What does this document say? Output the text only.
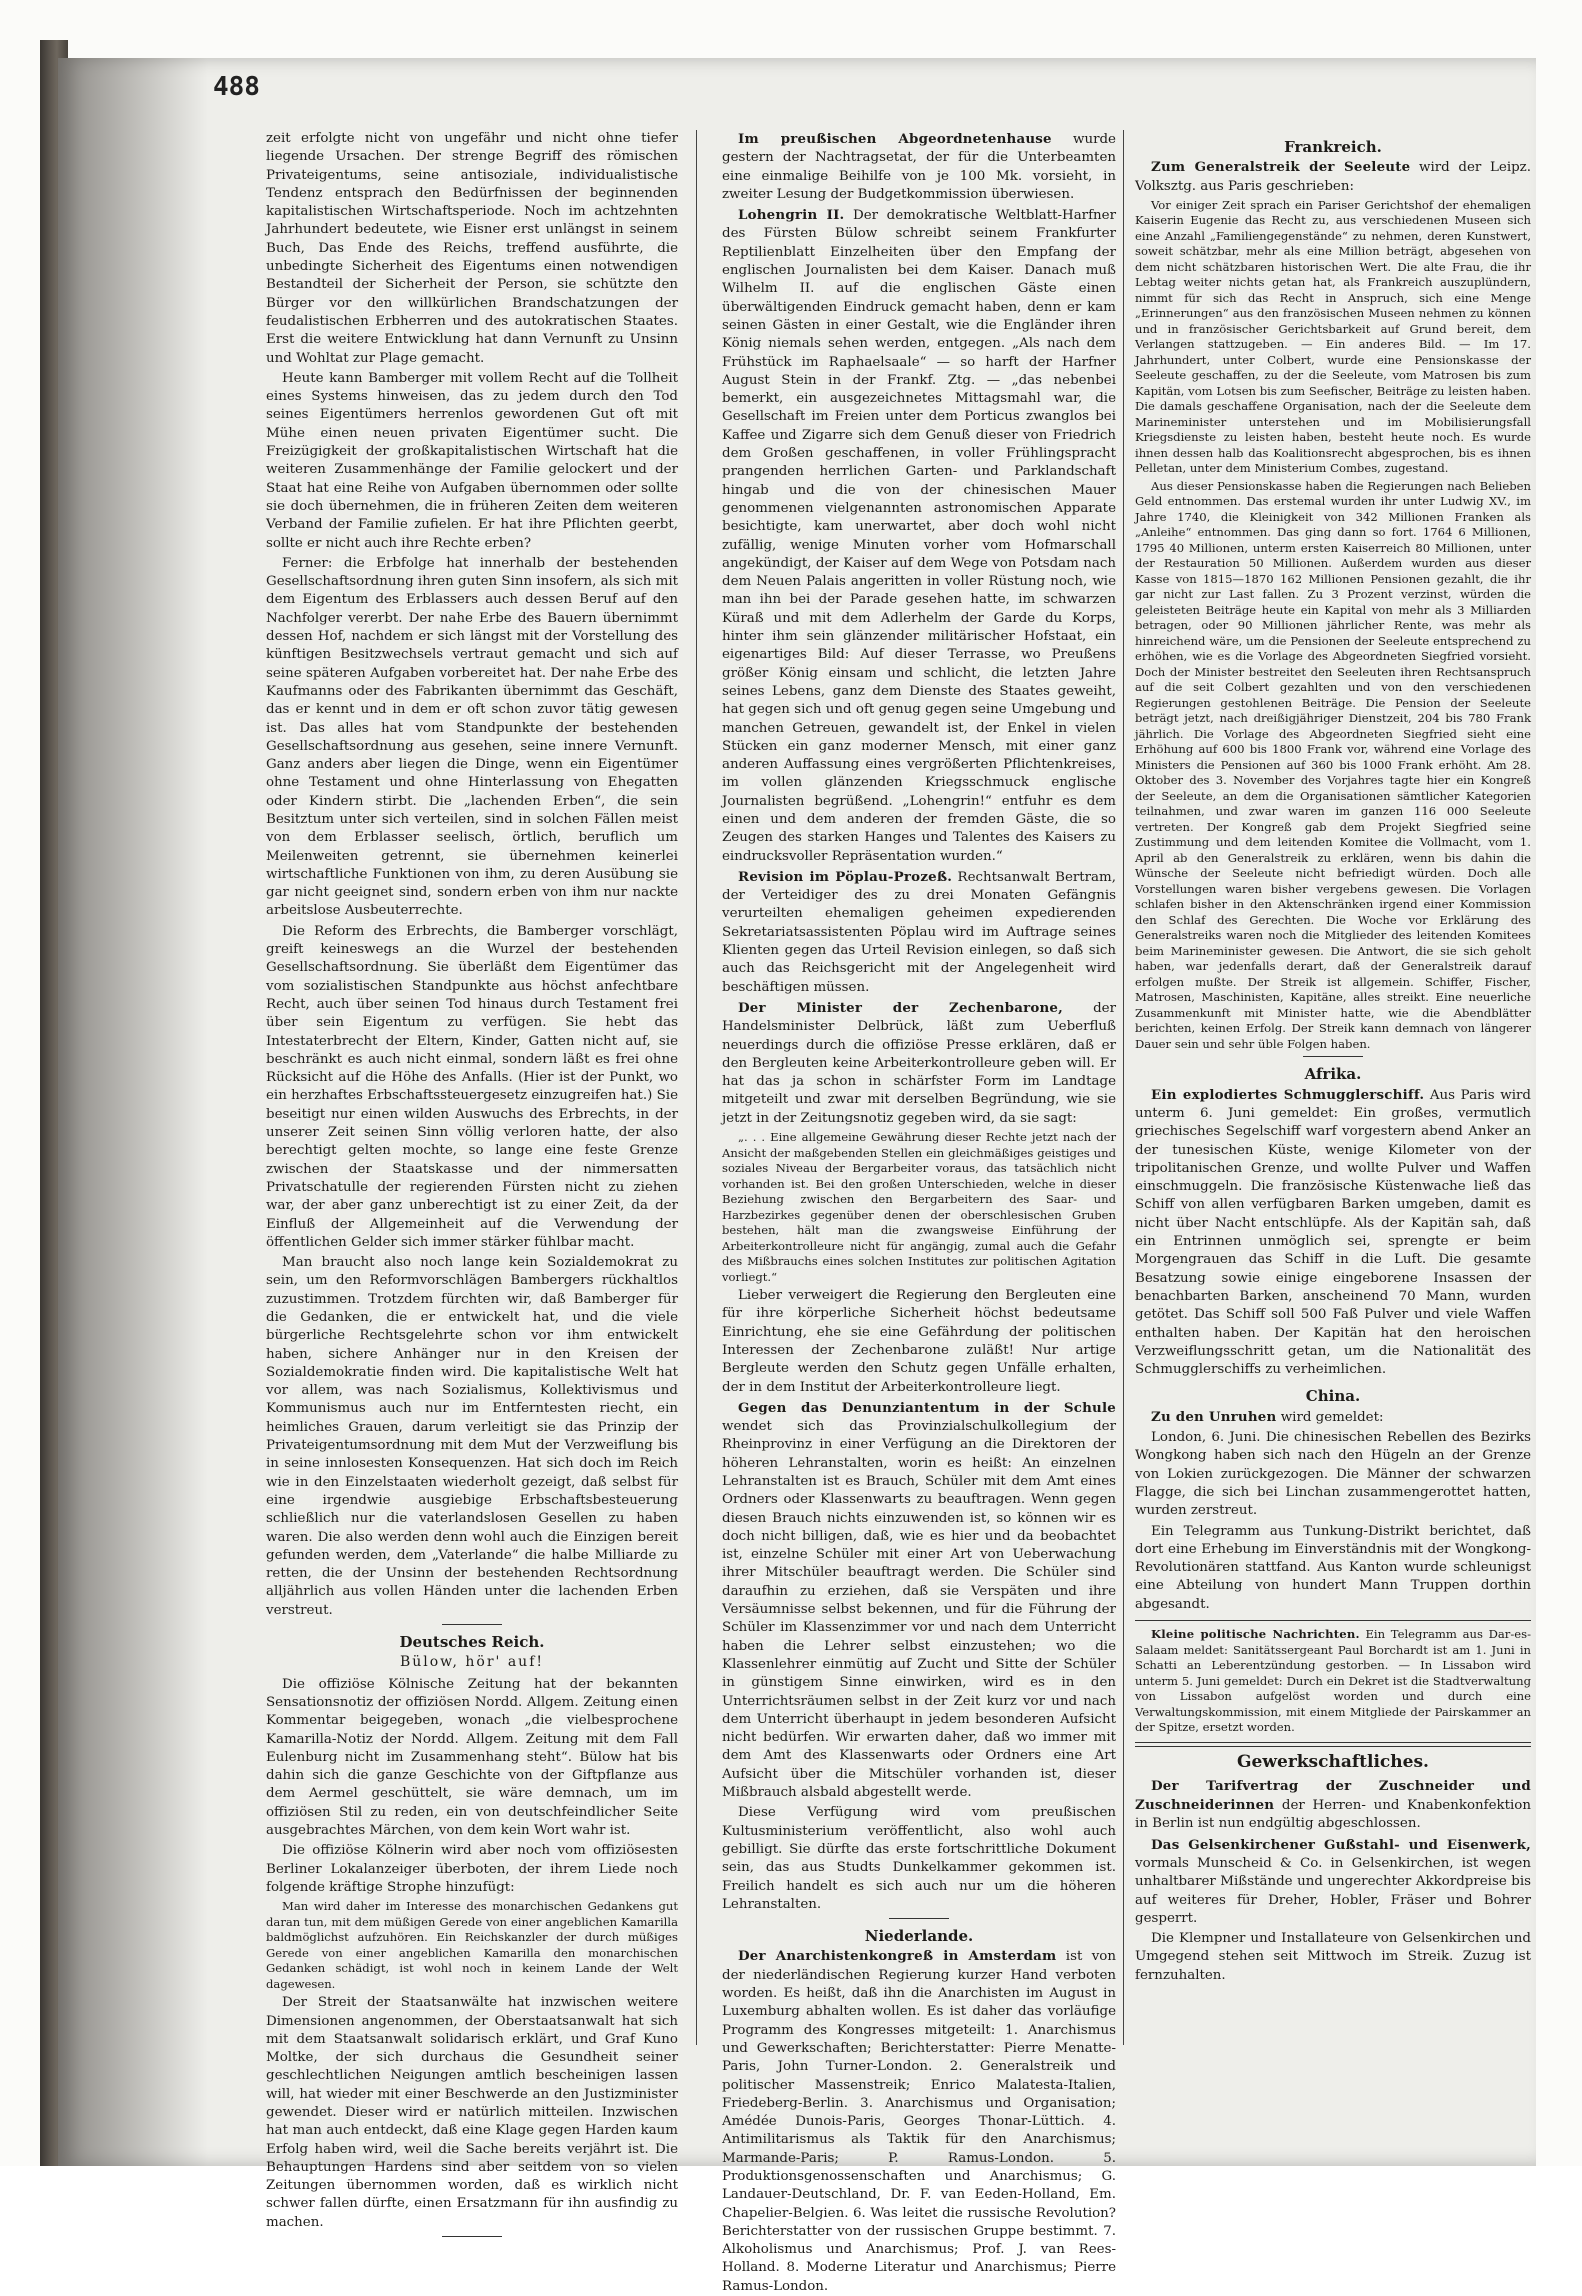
488

zeit erfolgte nicht von ungefähr und nicht ohne tiefer liegende Ursachen. Der strenge Begriff des römischen Privateigentums, seine antisoziale, individualistische Tendenz entsprach den Bedürfnissen der beginnenden kapitalistischen Wirtschaftsperiode. Noch im achtzehnten Jahrhundert bedeutete, wie Eisner erst unlängst in seinem Buch, Das Ende des Reichs, treffend ausführte, die unbedingte Sicherheit des Eigentums einen notwendigen Bestandteil der Sicherheit der Person, sie schützte den Bürger vor den willkürlichen Brandschatzungen der feudalistischen Erbherren und des autokratischen Staates. Erst die weitere Entwicklung hat dann Vernunft zu Unsinn und Wohltat zur Plage gemacht.

Heute kann Bamberger mit vollem Recht auf die Tollheit eines Systems hinweisen, das zu jedem durch den Tod seines Eigentümers herrenlos gewordenen Gut oft mit Mühe einen neuen privaten Eigentümer sucht. Die Freizügigkeit der großkapitalistischen Wirtschaft hat die weiteren Zusammenhänge der Familie gelockert und der Staat hat eine Reihe von Aufgaben übernommen oder sollte sie doch übernehmen, die in früheren Zeiten dem weiteren Verband der Familie zufielen. Er hat ihre Pflichten geerbt, sollte er nicht auch ihre Rechte erben?

Ferner: die Erbfolge hat innerhalb der bestehenden Gesellschaftsordnung ihren guten Sinn insofern, als sich mit dem Eigentum des Erblassers auch dessen Beruf auf den Nachfolger vererbt. Der nahe Erbe des Bauern übernimmt dessen Hof, nachdem er sich längst mit der Vorstellung des künftigen Besitzwechsels vertraut gemacht und sich auf seine späteren Aufgaben vorbereitet hat. Der nahe Erbe des Kaufmanns oder des Fabrikanten übernimmt das Geschäft, das er kennt und in dem er oft schon zuvor tätig gewesen ist. Das alles hat vom Standpunkte der bestehenden Gesellschaftsordnung aus gesehen, seine innere Vernunft. Ganz anders aber liegen die Dinge, wenn ein Eigentümer ohne Testament und ohne Hinterlassung von Ehegatten oder Kindern stirbt. Die „lachenden Erben“, die sein Besitztum unter sich verteilen, sind in solchen Fällen meist von dem Erblasser seelisch, örtlich, beruflich um Meilenweiten getrennt, sie übernehmen keinerlei wirtschaftliche Funktionen von ihm, zu deren Ausübung sie gar nicht geeignet sind, sondern erben von ihm nur nackte arbeitslose Ausbeuterrechte.

Die Reform des Erbrechts, die Bamberger vorschlägt, greift keineswegs an die Wurzel der bestehenden Gesellschaftsordnung. Sie überläßt dem Eigentümer das vom sozialistischen Standpunkte aus höchst anfechtbare Recht, auch über seinen Tod hinaus durch Testament frei über sein Eigentum zu verfügen. Sie hebt das Intestaterbrecht der Eltern, Kinder, Gatten nicht auf, sie beschränkt es auch nicht einmal, sondern läßt es frei ohne Rücksicht auf die Höhe des Anfalls. (Hier ist der Punkt, wo ein herzhaftes Erbschaftssteuergesetz einzugreifen hat.) Sie beseitigt nur einen wilden Auswuchs des Erbrechts, in der unserer Zeit seinen Sinn völlig verloren hatte, der also berechtigt gelten mochte, so lange eine feste Grenze zwischen der Staatskasse und der nimmersatten Privatschatulle der regierenden Fürsten nicht zu ziehen war, der aber ganz unberechtigt ist zu einer Zeit, da der Einfluß der Allgemeinheit auf die Verwendung der öffentlichen Gelder sich immer stärker fühlbar macht.

Man braucht also noch lange kein Sozialdemokrat zu sein, um den Reformvorschlägen Bambergers rückhaltlos zuzustimmen. Trotzdem fürchten wir, daß Bamberger für die Gedanken, die er entwickelt hat, und die viele bürgerliche Rechtsgelehrte schon vor ihm entwickelt haben, sichere Anhänger nur in den Kreisen der Sozialdemokratie finden wird. Die kapitalistische Welt hat vor allem, was nach Sozialismus, Kollektivismus und Kommunismus auch nur im Entferntesten riecht, ein heimliches Grauen, darum verleitigt sie das Prinzip der Privateigentumsordnung mit dem Mut der Verzweiflung bis in seine innlosesten Konsequenzen. Hat sich doch im Reich wie in den Einzelstaaten wiederholt gezeigt, daß selbst für eine irgendwie ausgiebige Erbschaftsbesteuerung schließlich nur die vaterlandslosen Gesellen zu haben waren. Die also werden denn wohl auch die Einzigen bereit gefunden werden, dem „Vaterlande“ die halbe Milliarde zu retten, die der Unsinn der bestehenden Rechtsordnung alljährlich aus vollen Händen unter die lachenden Erben verstreut.

Deutsches Reich.
Bülow, hör' auf!

Die offiziöse Kölnische Zeitung hat der bekannten Sensationsnotiz der offiziösen Nordd. Allgem. Zeitung einen Kommentar beigegeben, wonach „die vielbesprochene Kamarilla-Notiz der Nordd. Allgem. Zeitung mit dem Fall Eulenburg nicht im Zusammenhang steht“. Bülow hat bis dahin sich die ganze Geschichte von der Giftpflanze aus dem Aermel geschüttelt, sie wäre demnach, um im offiziösen Stil zu reden, ein von deutschfeindlicher Seite ausgebrachtes Märchen, von dem kein Wort wahr ist.

Die offiziöse Kölnerin wird aber noch vom offiziösesten Berliner Lokalanzeiger überboten, der ihrem Liede noch folgende kräftige Strophe hinzufügt:

Man wird daher im Interesse des monarchischen Gedankens gut daran tun, mit dem müßigen Gerede von einer angeblichen Kamarilla baldmöglichst aufzuhören. Ein Reichskanzler der durch müßiges Gerede von einer angeblichen Kamarilla den monarchischen Gedanken schädigt, ist wohl noch in keinem Lande der Welt dagewesen.

Der Streit der Staatsanwälte hat inzwischen weitere Dimensionen angenommen, der Oberstaatsanwalt hat sich mit dem Staatsanwalt solidarisch erklärt, und Graf Kuno Moltke, der sich durchaus die Gesundheit seiner geschlechtlichen Neigungen amtlich bescheinigen lassen will, hat wieder mit einer Beschwerde an den Justizminister gewendet. Dieser wird er natürlich mitteilen. Inzwischen hat man auch entdeckt, daß eine Klage gegen Harden kaum Erfolg haben wird, weil die Sache bereits verjährt ist. Die Behauptungen Hardens sind aber seitdem von so vielen Zeitungen übernommen worden, daß es wirklich nicht schwer fallen dürfte, einen Ersatzmann für ihn ausfindig zu machen.

Im preußischen Abgeordnetenhause wurde gestern der Nachtragsetat, der für die Unterbeamten eine einmalige Beihilfe von je 100 Mk. vorsieht, in zweiter Lesung der Budgetkommission überwiesen.

Lohengrin II. Der demokratische Weltblatt-Harfner des Fürsten Bülow schreibt seinem Frankfurter Reptilienblatt Einzelheiten über den Empfang der englischen Journalisten bei dem Kaiser. Danach muß Wilhelm II. auf die englischen Gäste einen überwältigenden Eindruck gemacht haben, denn er kam seinen Gästen in einer Gestalt, wie die Engländer ihren König niemals sehen werden, entgegen. „Als nach dem Frühstück im Raphaelsaale“ — so harft der Harfner August Stein in der Frankf. Ztg. — „das nebenbei bemerkt, ein ausgezeichnetes Mittagsmahl war, die Gesellschaft im Freien unter dem Porticus zwanglos bei Kaffee und Zigarre sich dem Genuß dieser von Friedrich dem Großen geschaffenen, in voller Frühlingspracht prangenden herrlichen Garten- und Parklandschaft hingab und die von der chinesischen Mauer genommenen vielgenannten astronomischen Apparate besichtigte, kam unerwartet, aber doch wohl nicht zufällig, wenige Minuten vorher vom Hofmarschall angekündigt, der Kaiser auf dem Wege von Potsdam nach dem Neuen Palais angeritten in voller Rüstung noch, wie man ihn bei der Parade gesehen hatte, im schwarzen Küraß und mit dem Adlerhelm der Garde du Korps, hinter ihm sein glänzender militärischer Hofstaat, ein eigenartiges Bild: Auf dieser Terrasse, wo Preußens größer König einsam und schlicht, die letzten Jahre seines Lebens, ganz dem Dienste des Staates geweiht, hat gegen sich und oft genug gegen seine Umgebung und manchen Getreuen, gewandelt ist, der Enkel in vielen Stücken ein ganz moderner Mensch, mit einer ganz anderen Auffassung eines vergrößerten Pflichtenkreises, im vollen glänzenden Kriegsschmuck englische Journalisten begrüßend. „Lohengrin!“ entfuhr es dem einen und dem anderen der fremden Gäste, die so Zeugen des starken Hanges und Talentes des Kaisers zu eindrucksvoller Repräsentation wurden.“

Revision im Pöplau-Prozeß. Rechtsanwalt Bertram, der Verteidiger des zu drei Monaten Gefängnis verurteilten ehemaligen geheimen expedierenden Sekretariatsassistenten Pöplau wird im Auftrage seines Klienten gegen das Urteil Revision einlegen, so daß sich auch das Reichsgericht mit der Angelegenheit wird beschäftigen müssen.

Der Minister der Zechenbarone, der Handelsminister Delbrück, läßt zum Ueberfluß neuerdings durch die offiziöse Presse erklären, daß er den Bergleuten keine Arbeiterkontrolleure geben will. Er hat das ja schon in schärfster Form im Landtage mitgeteilt und zwar mit derselben Begründung, wie sie jetzt in der Zeitungsnotiz gegeben wird, da sie sagt:

„. . . Eine allgemeine Gewährung dieser Rechte jetzt nach der Ansicht der maßgebenden Stellen ein gleichmäßiges geistiges und soziales Niveau der Bergarbeiter voraus, das tatsächlich nicht vorhanden ist. Bei den großen Unterschieden, welche in dieser Beziehung zwischen den Bergarbeitern des Saar- und Harzbezirkes gegenüber denen der oberschlesischen Gruben bestehen, hält man die zwangsweise Einführung der Arbeiterkontrolleure nicht für angängig, zumal auch die Gefahr des Mißbrauchs eines solchen Institutes zur politischen Agitation vorliegt.“

Lieber verweigert die Regierung den Bergleuten eine für ihre körperliche Sicherheit höchst bedeutsame Einrichtung, ehe sie eine Gefährdung der politischen Interessen der Zechenbarone zuläßt! Nur artige Bergleute werden den Schutz gegen Unfälle erhalten, der in dem Institut der Arbeiterkontrolleure liegt.

Gegen das Denunziantentum in der Schule wendet sich das Provinzialschulkollegium der Rheinprovinz in einer Verfügung an die Direktoren der höheren Lehranstalten, worin es heißt: An einzelnen Lehranstalten ist es Brauch, Schüler mit dem Amt eines Ordners oder Klassenwarts zu beauftragen. Wenn gegen diesen Brauch nichts einzuwenden ist, so können wir es doch nicht billigen, daß, wie es hier und da beobachtet ist, einzelne Schüler mit einer Art von Ueberwachung ihrer Mitschüler beauftragt werden. Die Schüler sind daraufhin zu erziehen, daß sie Verspäten und ihre Versäumnisse selbst bekennen, und für die Führung der Schüler im Klassenzimmer vor und nach dem Unterricht haben die Lehrer selbst einzustehen; wo die Klassenlehrer einmütig auf Zucht und Sitte der Schüler in günstigem Sinne einwirken, wird es in den Unterrichtsräumen selbst in der Zeit kurz vor und nach dem Unterricht überhaupt in jedem besonderen Aufsicht nicht bedürfen. Wir erwarten daher, daß wo immer mit dem Amt des Klassenwarts oder Ordners eine Art Aufsicht über die Mitschüler vorhanden ist, dieser Mißbrauch alsbald abgestellt werde.

Diese Verfügung wird vom preußischen Kultusministerium veröffentlicht, also wohl auch gebilligt. Sie dürfte das erste fortschrittliche Dokument sein, das aus Studts Dunkelkammer gekommen ist. Freilich handelt es sich auch nur um die höheren Lehranstalten.

Niederlande.

Der Anarchistenkongreß in Amsterdam ist von der niederländischen Regierung kurzer Hand verboten worden. Es heißt, daß ihn die Anarchisten im August in Luxemburg abhalten wollen. Es ist daher das vorläufige Programm des Kongresses mitgeteilt: 1. Anarchismus und Gewerkschaften; Berichterstatter: Pierre Menatte-Paris, John Turner-London. 2. Generalstreik und politischer Massenstreik; Enrico Malatesta-Italien, Friedeberg-Berlin. 3. Anarchismus und Organisation; Amédée Dunois-Paris, Georges Thonar-Lüttich. 4. Antimilitarismus als Taktik für den Anarchismus; Marmande-Paris; P. Ramus-London. 5. Produktionsgenossenschaften und Anarchismus; G. Landauer-Deutschland, Dr. F. van Eeden-Holland, Em. Chapelier-Belgien. 6. Was leitet die russische Revolution? Berichterstatter von der russischen Gruppe bestimmt. 7. Alkoholismus und Anarchismus; Prof. J. van Rees-Holland. 8. Moderne Literatur und Anarchismus; Pierre Ramus-London.

Frankreich.

Zum Generalstreik der Seeleute wird der Leipz. Volksztg. aus Paris geschrieben:

Vor einiger Zeit sprach ein Pariser Gerichtshof der ehemaligen Kaiserin Eugenie das Recht zu, aus verschiedenen Museen sich eine Anzahl „Familiengegenstände“ zu nehmen, deren Kunstwert, soweit schätzbar, mehr als eine Million beträgt, abgesehen von dem nicht schätzbaren historischen Wert. Die alte Frau, die ihr Lebtag weiter nichts getan hat, als Frankreich auszuplündern, nimmt für sich das Recht in Anspruch, sich eine Menge „Erinnerungen“ aus den französischen Museen nehmen zu können und in französischer Gerichtsbarkeit auf Grund bereit, dem Verlangen stattzugeben. — Ein anderes Bild. — Im 17. Jahrhundert, unter Colbert, wurde eine Pensionskasse der Seeleute geschaffen, zu der die Seeleute, vom Matrosen bis zum Kapitän, vom Lotsen bis zum Seefischer, Beiträge zu leisten haben. Die damals geschaffene Organisation, nach der die Seeleute dem Marineminister unterstehen und im Mobilisierungsfall Kriegsdienste zu leisten haben, besteht heute noch. Es wurde ihnen dessen halb das Koalitionsrecht abgesprochen, bis es ihnen Pelletan, unter dem Ministerium Combes, zugestand.

Aus dieser Pensionskasse haben die Regierungen nach Belieben Geld entnommen. Das erstemal wurden ihr unter Ludwig XV., im Jahre 1740, die Kleinigkeit von 342 Millionen Franken als „Anleihe“ entnommen. Das ging dann so fort. 1764 6 Millionen, 1795 40 Millionen, unterm ersten Kaiserreich 80 Millionen, unter der Restauration 50 Millionen. Außerdem wurden aus dieser Kasse von 1815—1870 162 Millionen Pensionen gezahlt, die ihr gar nicht zur Last fallen. Zu 3 Prozent verzinst, würden die geleisteten Beiträge heute ein Kapital von mehr als 3 Milliarden betragen, oder 90 Millionen jährlicher Rente, was mehr als hinreichend wäre, um die Pensionen der Seeleute entsprechend zu erhöhen, wie es die Vorlage des Abgeordneten Siegfried vorsieht. Doch der Minister bestreitet den Seeleuten ihren Rechtsanspruch auf die seit Colbert gezahlten und von den verschiedenen Regierungen gestohlenen Beiträge. Die Pension der Seeleute beträgt jetzt, nach dreißigjähriger Dienstzeit, 204 bis 780 Frank jährlich. Die Vorlage des Abgeordneten Siegfried sieht eine Erhöhung auf 600 bis 1800 Frank vor, während eine Vorlage des Ministers die Pensionen auf 360 bis 1000 Frank erhöht. Am 28. Oktober des 3. November des Vorjahres tagte hier ein Kongreß der Seeleute, an dem die Organisationen sämtlicher Kategorien teilnahmen, und zwar waren im ganzen 116 000 Seeleute vertreten. Der Kongreß gab dem Projekt Siegfried seine Zustimmung und dem leitenden Komitee die Vollmacht, vom 1. April ab den Generalstreik zu erklären, wenn bis dahin die Wünsche der Seeleute nicht befriedigt würden. Doch alle Vorstellungen waren bisher vergebens gewesen. Die Vorlagen schlafen bisher in den Aktenschränken irgend einer Kommission den Schlaf des Gerechten. Die Woche vor Erklärung des Generalstreiks waren noch die Mitglieder des leitenden Komitees beim Marineminister gewesen. Die Antwort, die sie sich geholt haben, war jedenfalls derart, daß der Generalstreik darauf erfolgen mußte. Der Streik ist allgemein. Schiffer, Fischer, Matrosen, Maschinisten, Kapitäne, alles streikt. Eine neuerliche Zusammenkunft mit Minister hatte, wie die Abendblätter berichten, keinen Erfolg. Der Streik kann demnach von längerer Dauer sein und sehr üble Folgen haben.

Afrika.

Ein explodiertes Schmugglerschiff. Aus Paris wird unterm 6. Juni gemeldet: Ein großes, vermutlich griechisches Segelschiff warf vorgestern abend Anker an der tunesischen Küste, wenige Kilometer von der tripolitanischen Grenze, und wollte Pulver und Waffen einschmuggeln. Die französische Küstenwache ließ das Schiff von allen verfügbaren Barken umgeben, damit es nicht über Nacht entschlüpfe. Als der Kapitän sah, daß ein Entrinnen unmöglich sei, sprengte er beim Morgengrauen das Schiff in die Luft. Die gesamte Besatzung sowie einige eingeborene Insassen der benachbarten Barken, anscheinend 70 Mann, wurden getötet. Das Schiff soll 500 Faß Pulver und viele Waffen enthalten haben. Der Kapitän hat den heroischen Verzweiflungsschritt getan, um die Nationalität des Schmugglerschiffs zu verheimlichen.

China.

Zu den Unruhen wird gemeldet:

London, 6. Juni. Die chinesischen Rebellen des Bezirks Wongkong haben sich nach den Hügeln an der Grenze von Lokien zurückgezogen. Die Männer der schwarzen Flagge, die sich bei Linchan zusammengerottet hatten, wurden zerstreut.

Ein Telegramm aus Tunkung-Distrikt berichtet, daß dort eine Erhebung im Einverständnis mit der Wongkong-Revolutionären stattfand. Aus Kanton wurde schleunigst eine Abteilung von hundert Mann Truppen dorthin abgesandt.

Kleine politische Nachrichten. Ein Telegramm aus Dar-es-Salaam meldet: Sanitätssergeant Paul Borchardt ist am 1. Juni in Schatti an Leberentzündung gestorben. — In Lissabon wird unterm 5. Juni gemeldet: Durch ein Dekret ist die Stadtverwaltung von Lissabon aufgelöst worden und durch eine Verwaltungskommission, mit einem Mitgliede der Pairskammer an der Spitze, ersetzt worden.

Gewerkschaftliches.

Der Tarifvertrag der Zuschneider und Zuschneiderinnen der Herren- und Knabenkonfektion in Berlin ist nun endgültig abgeschlossen.

Das Gelsenkirchener Gußstahl- und Eisenwerk, vormals Munscheid & Co. in Gelsenkirchen, ist wegen unhaltbarer Mißstände und ungerechter Akkordpreise bis auf weiteres für Dreher, Hobler, Fräser und Bohrer gesperrt.

Die Klempner und Installateure von Gelsenkirchen und Umgegend stehen seit Mittwoch im Streik. Zuzug ist fernzuhalten.
